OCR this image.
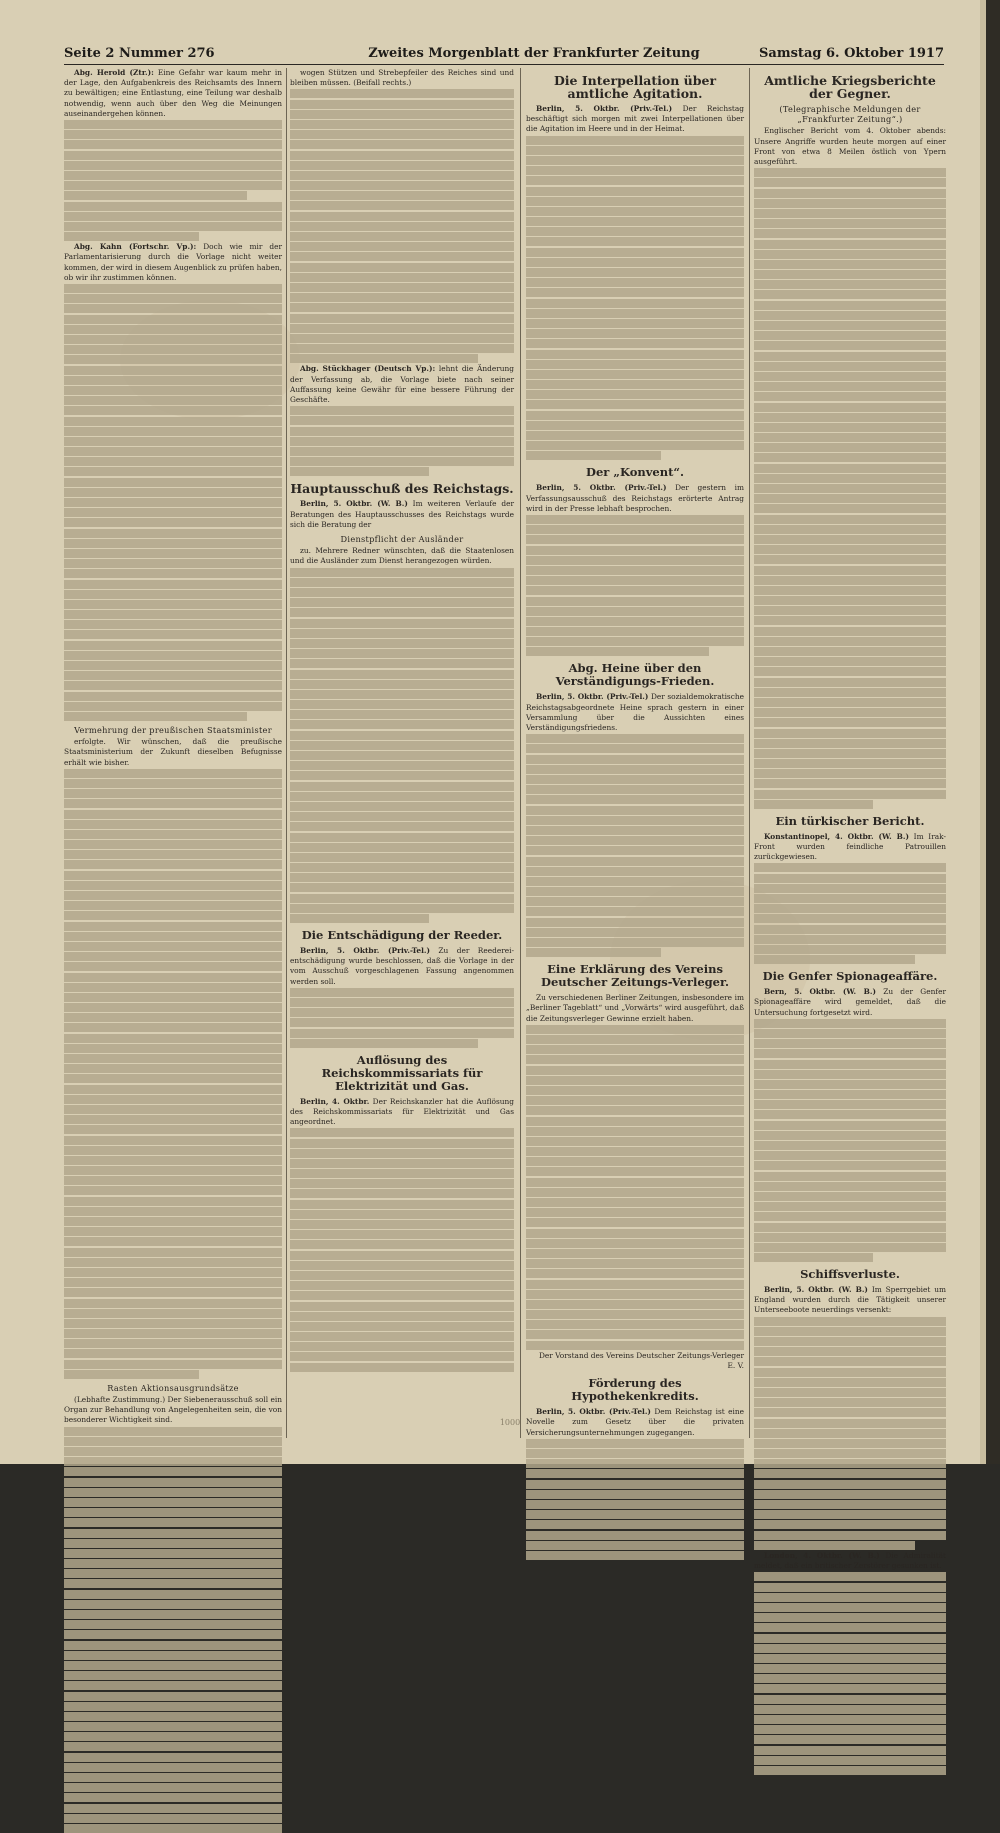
Seite 2 Nummer 276	Zweites Morgenblatt der Frankfurter Zeitung	Samstag 6. Oktober 1917

Abg. Herold (Ztr.): Eine Gefahr war kaum mehr in der Lage, den Aufgabenkreis des Reichsamts des Innern zu bewältigen; eine Entlastung, eine Teilung war deshalb notwendig, wenn auch über den Weg die Meinungen auseinandergehen können.

Abg. Kahn (Fortschr. Vp.): Doch wie mir der Parlamentarisierung durch die Vorlage nicht weiter kommen, der wird in diesem Augenblick zu prüfen haben, ob wir ihr zustimmen können.

Vermehrung der preußischen Staatsminister

erfolgte. Wir wünschen, daß die preußische Staatsministerium der Zukunft dieselben Befugnisse erhält wie bisher.

Rasten Aktionsausgrundsätze

(Lebhafte Zustimmung.) Der Siebenerausschuß soll ein Organ zur Behandlung von Angelegenheiten sein, die von besonderer Wichtigkeit sind.

wogen Stützen und Strebepfeiler des Reiches sind und bleiben müssen. (Beifall rechts.)

Abg. Stückhager (Deutsch Vp.): lehnt die Änderung der Verfassung ab, die Vorlage biete nach seiner Auffassung keine Gewähr für eine bessere Führung der Geschäfte.

Hauptausschuß des Reichstags.

Berlin, 5. Oktbr. (W. B.) Im weiteren Verlaufe der Beratungen des Hauptausschusses des Reichstags wurde sich die Beratung der

Dienstpflicht der Ausländer

zu. Mehrere Redner wünschten, daß die Staatenlosen und die Ausländer zum Dienst herangezogen würden.

Die Entschädigung der Reeder.

Berlin, 5. Oktbr. (Priv.-Tel.) Zu der Reederei-entschädigung wurde beschlossen, daß die Vorlage in der vom Ausschuß vorgeschlagenen Fassung angenommen werden soll.

Auflösung des Reichskommissariats für Elektrizität und Gas.

Berlin, 4. Oktbr. Der Reichskanzler hat die Auflösung des Reichskommissariats für Elektrizität und Gas angeordnet.

Die Interpellation über amtliche Agitation.

Berlin, 5. Oktbr. (Priv.-Tel.) Der Reichstag beschäftigt sich morgen mit zwei Interpellationen über die Agitation im Heere und in der Heimat.

Der „Konvent“.

Berlin, 5. Oktbr. (Priv.-Tel.) Der gestern im Verfassungsausschuß des Reichstags erörterte Antrag wird in der Presse lebhaft besprochen.

Abg. Heine über den Verständigungs-Frieden.

Berlin, 5. Oktbr. (Priv.-Tel.) Der sozialdemokratische Reichstagsabgeordnete Heine sprach gestern in einer Versammlung über die Aussichten eines Verständigungsfriedens.

Eine Erklärung des Vereins Deutscher Zeitungs-Verleger.

Zu verschiedenen Berliner Zeitungen, insbesondere im „Berliner Tageblatt“ und „Vorwärts“ wird ausgeführt, daß die Zeitungsverleger Gewinne erzielt haben.

Der Vorstand des Vereins Deutscher Zeitungs-Verleger E. V.

Förderung des Hypothekenkredits.

Berlin, 5. Oktbr. (Priv.-Tel.) Dem Reichstag ist eine Novelle zum Gesetz über die privaten Versicherungsunternehmungen zugegangen.

Amtliche Kriegsberichte der Gegner.
(Telegraphische Meldungen der „Frankfurter Zeitung“.)

Englischer Bericht vom 4. Oktober abends: Unsere Angriffe wurden heute morgen auf einer Front von etwa 8 Meilen östlich von Ypern ausgeführt.

Ein türkischer Bericht.

Konstantinopel, 4. Oktbr. (W. B.) Im Irak-Front wurden feindliche Patrouillen zurückgewiesen.

Die Genfer Spionageaffäre.

Bern, 5. Oktbr. (W. B.) Zu der Genfer Spionageaffäre wird gemeldet, daß die Untersuchung fortgesetzt wird.

Schiffsverluste.

Berlin, 5. Oktbr. (W. B.) Im Sperrgebiet um England wurden durch die Tätigkeit unserer Unterseeboote neuerdings versenkt:

London, 4. Oktbr. (W. B.) Die Admiralität meldet, daß ein britischer Zerstörer gesunken ist.

1000
